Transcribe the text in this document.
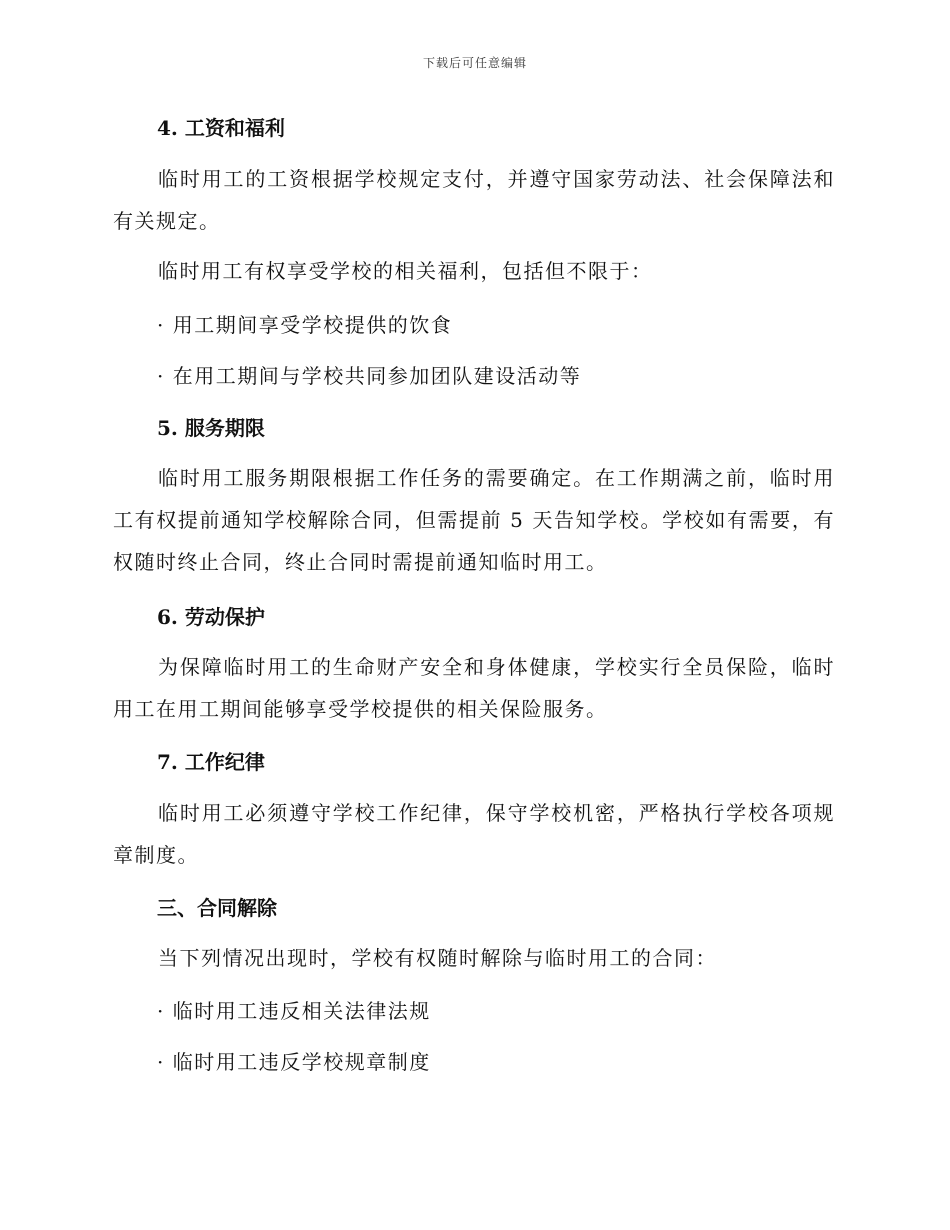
下载后可任意编辑
4. 工资和福利
临时用工的工资根据学校规定支付，并遵守国家劳动法、社会保障法和有关规定。
临时用工有权享受学校的相关福利，包括但不限于：
· 用工期间享受学校提供的饮食
· 在用工期间与学校共同参加团队建设活动等
5. 服务期限
临时用工服务期限根据工作任务的需要确定。在工作期满之前，临时用工有权提前通知学校解除合同，但需提前 5 天告知学校。学校如有需要，有权随时终止合同，终止合同时需提前通知临时用工。
6. 劳动保护
为保障临时用工的生命财产安全和身体健康，学校实行全员保险，临时用工在用工期间能够享受学校提供的相关保险服务。
7. 工作纪律
临时用工必须遵守学校工作纪律，保守学校机密，严格执行学校各项规章制度。
三、合同解除
当下列情况出现时，学校有权随时解除与临时用工的合同：
· 临时用工违反相关法律法规
· 临时用工违反学校规章制度
